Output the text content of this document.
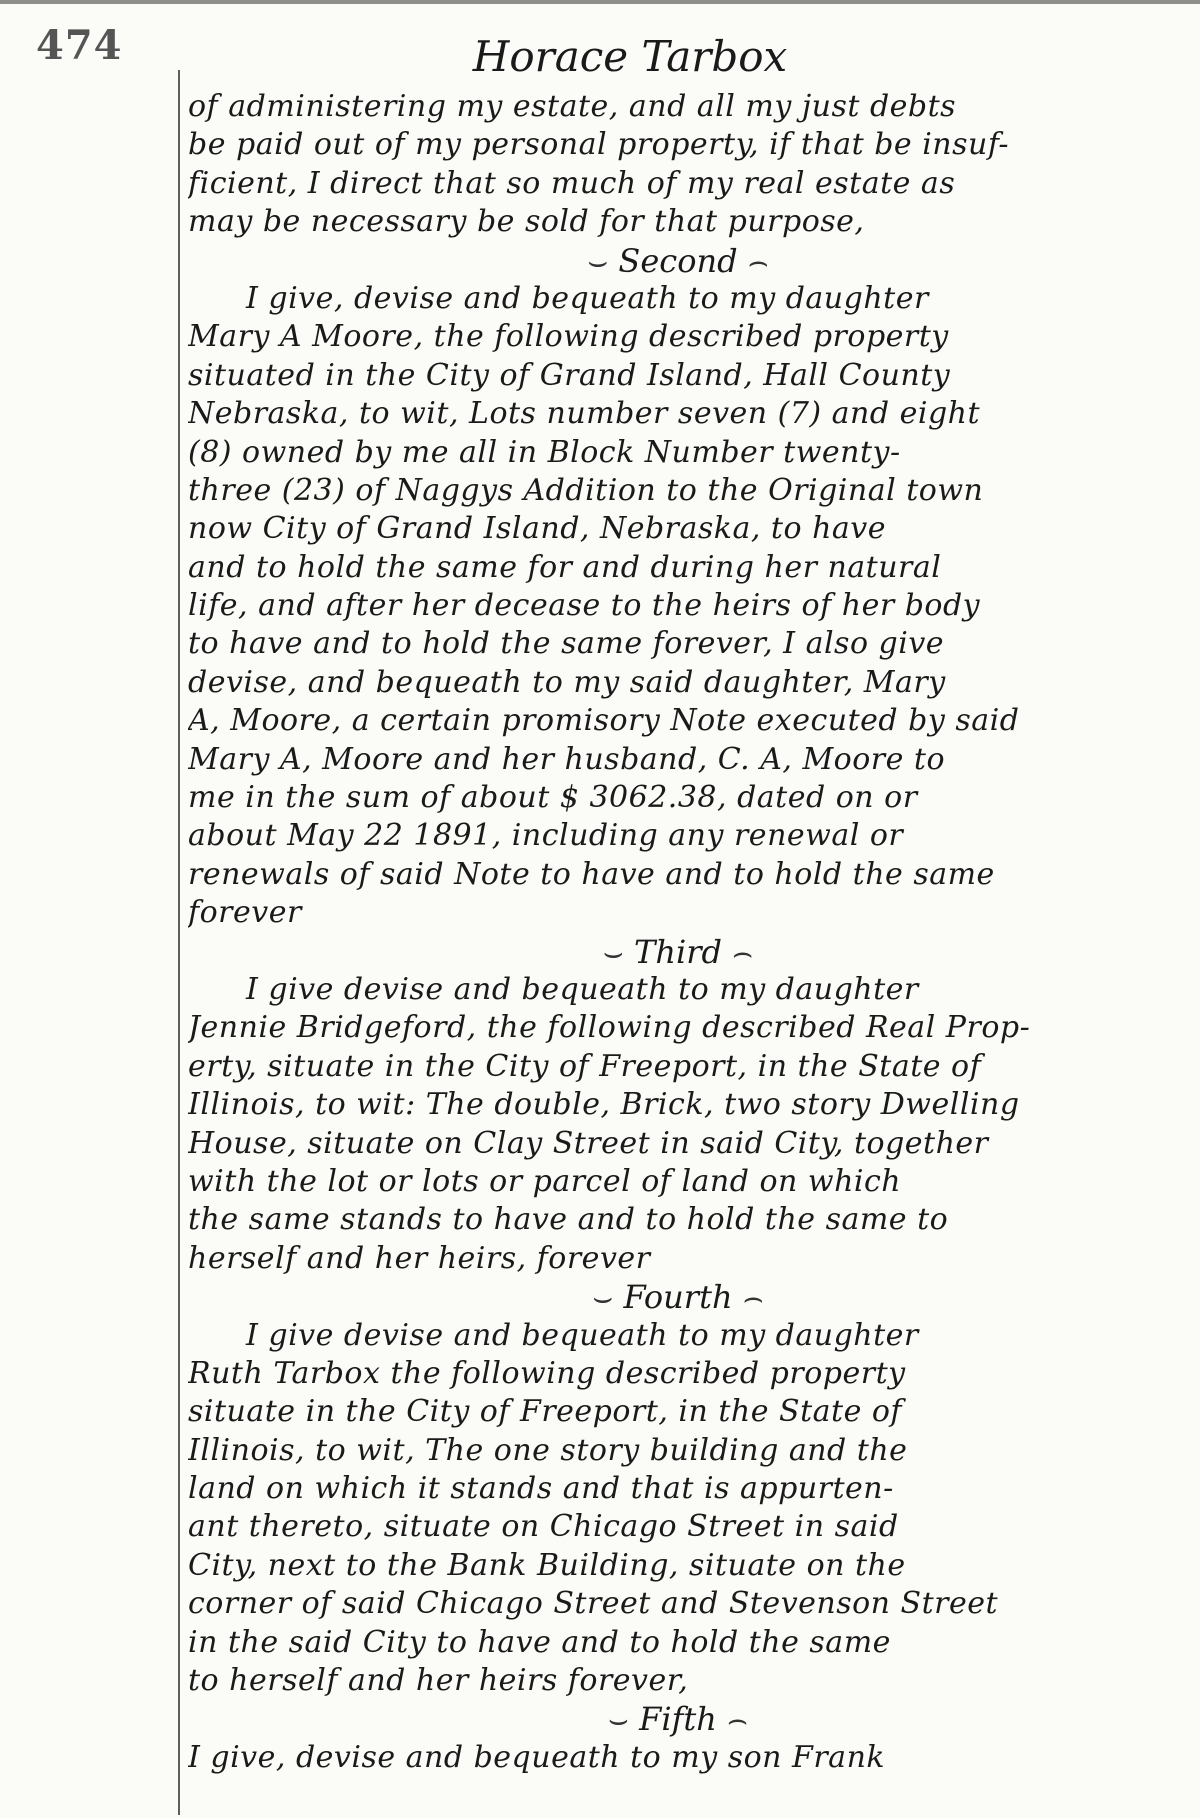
474	Horace Tarbox
of administering my estate, and all my just debts
be paid out of my personal property, if that be insuf-
ficient, I direct that so much of my real estate as
may be necessary be sold for that purpose,
⌣ Second ⌢
I give, devise and bequeath to my daughter
Mary A Moore, the following described property
situated in the City of Grand Island, Hall County
Nebraska, to wit, Lots number seven (7) and eight
(8) owned by me all in Block Number twenty-
three (23) of Naggys Addition to the Original town
now City of Grand Island, Nebraska, to have
and to hold the same for and during her natural
life, and after her decease to the heirs of her body
to have and to hold the same forever, I also give
devise, and bequeath to my said daughter, Mary
A, Moore, a certain promisory Note executed by said
Mary A, Moore and her husband, C. A, Moore to
me in the sum of about $ 3062.38, dated on or
about May 22 1891, including any renewal or
renewals of said Note to have and to hold the same
forever
⌣ Third ⌢
I give devise and bequeath to my daughter
Jennie Bridgeford, the following described Real Prop-
erty, situate in the City of Freeport, in the State of
Illinois, to wit: The double, Brick, two story Dwelling
House, situate on Clay Street in said City, together
with the lot or lots or parcel of land on which
the same stands to have and to hold the same to
herself and her heirs, forever
⌣ Fourth ⌢
I give devise and bequeath to my daughter
Ruth Tarbox the following described property
situate in the City of Freeport, in the State of
Illinois, to wit, The one story building and the
land on which it stands and that is appurten-
ant thereto, situate on Chicago Street in said
City, next to the Bank Building, situate on the
corner of said Chicago Street and Stevenson Street
in the said City to have and to hold the same
to herself and her heirs forever,
⌣ Fifth ⌢
I give, devise and bequeath to my son Frank
